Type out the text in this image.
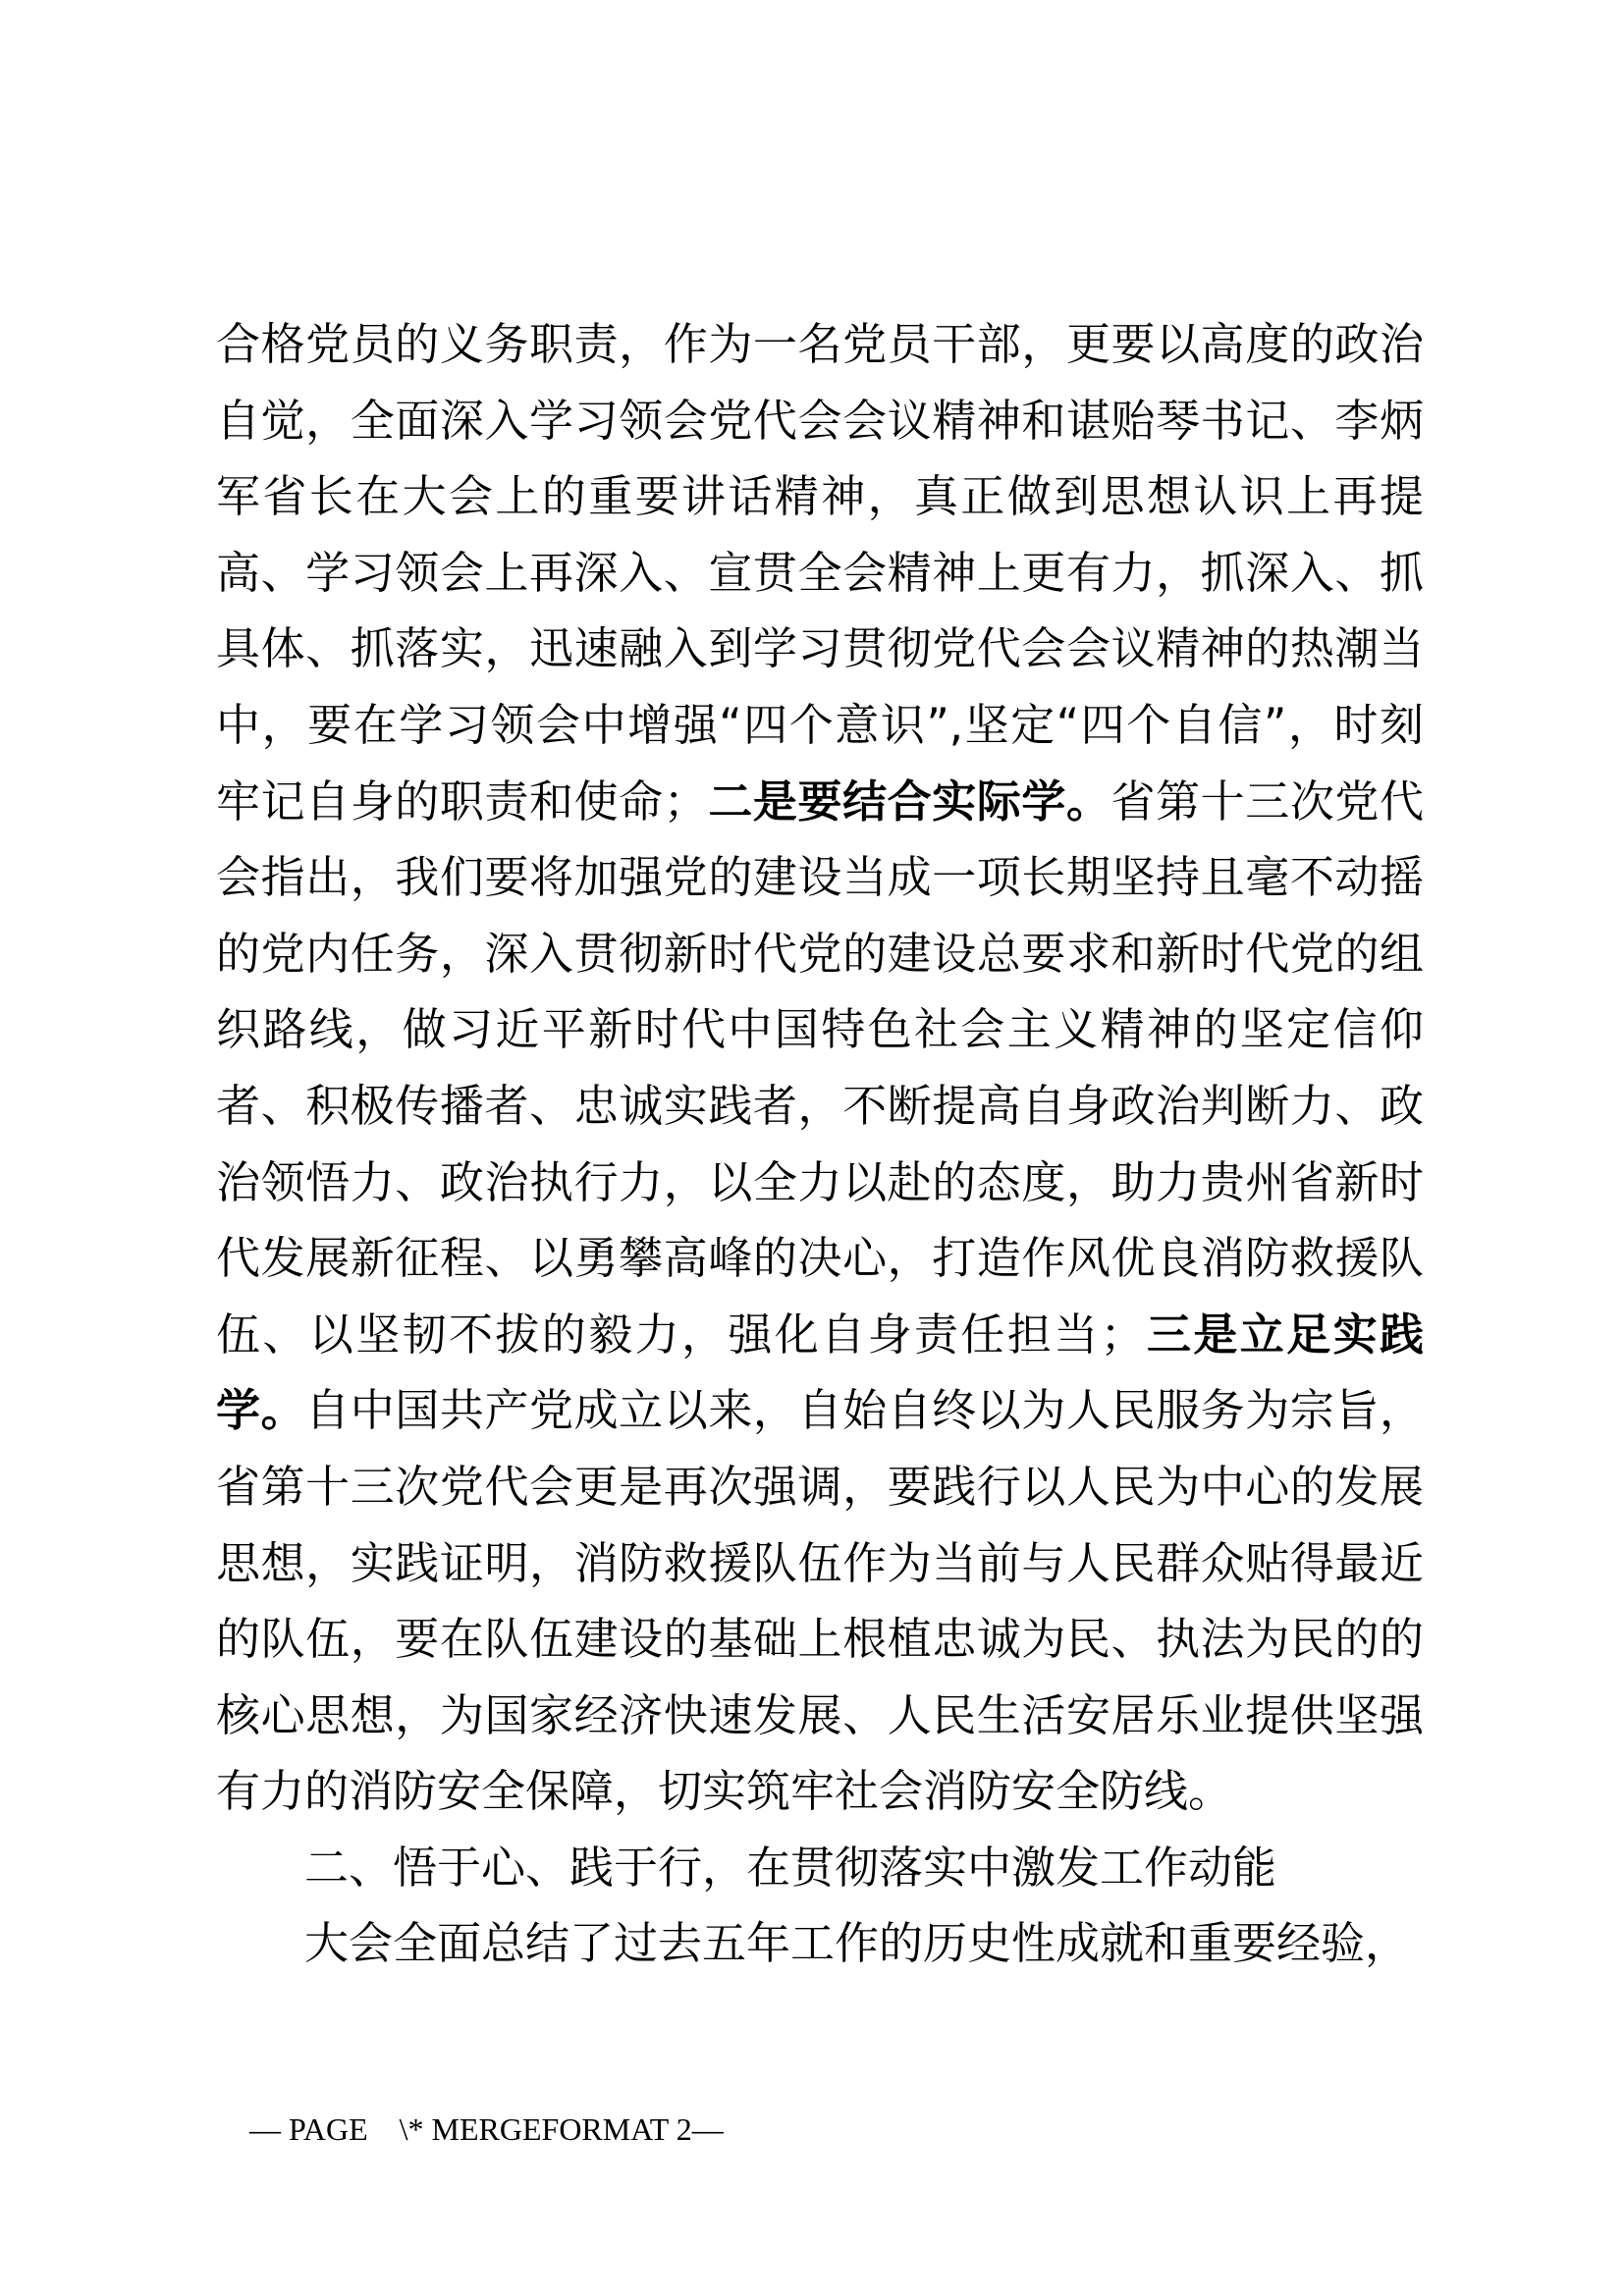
合格党员的义务职责，作为一名党员干部，更要以高度的政治自觉，全面深入学习领会党代会会议精神和谌贻琴书记、李炳军省长在大会上的重要讲话精神，真正做到思想认识上再提高、学习领会上再深入、宣贯全会精神上更有力，抓深入、抓具体、抓落实，迅速融入到学习贯彻党代会会议精神的热潮当中，要在学习领会中增强“四个意识”,坚定“四个自信”，时刻牢记自身的职责和使命；二是要结合实际学。省第十三次党代会指出，我们要将加强党的建设当成一项长期坚持且毫不动摇的党内任务，深入贯彻新时代党的建设总要求和新时代党的组织路线，做习近平新时代中国特色社会主义精神的坚定信仰者、积极传播者、忠诚实践者，不断提高自身政治判断力、政治领悟力、政治执行力，以全力以赴的态度，助力贵州省新时代发展新征程、以勇攀高峰的决心，打造作风优良消防救援队伍、以坚韧不拔的毅力，强化自身责任担当；三是立足实践学。自中国共产党成立以来，自始自终以为人民服务为宗旨，省第十三次党代会更是再次强调，要践行以人民为中心的发展思想，实践证明，消防救援队伍作为当前与人民群众贴得最近的队伍，要在队伍建设的基础上根植忠诚为民、执法为民的的核心思想，为国家经济快速发展、人民生活安居乐业提供坚强有力的消防安全保障，切实筑牢社会消防安全防线。

二、悟于心、践于行，在贯彻落实中激发工作动能

大会全面总结了过去五年工作的历史性成就和重要经验，

— PAGE    \* MERGEFORMAT 2—
